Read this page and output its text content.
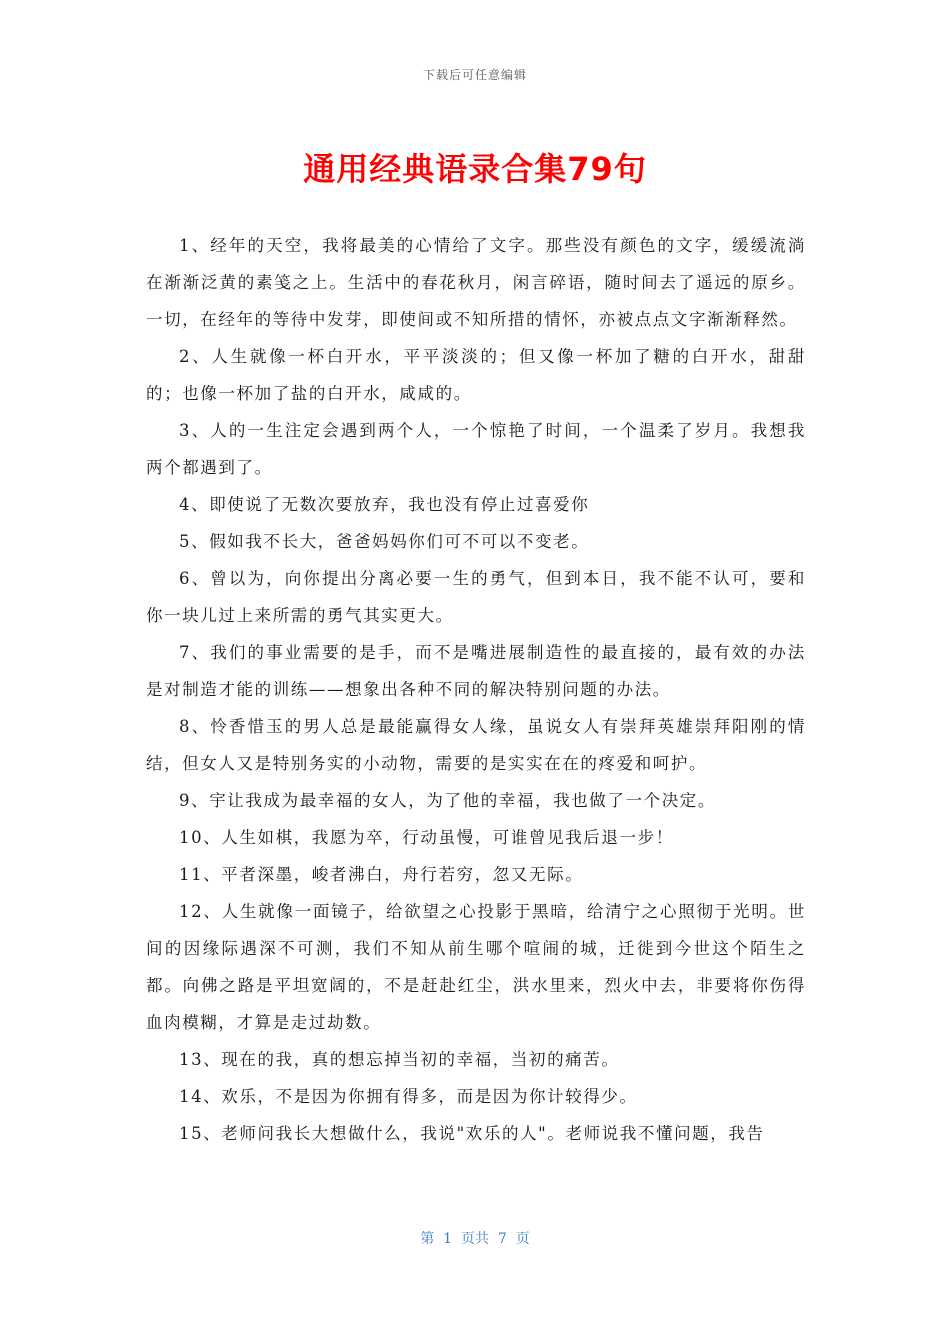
下载后可任意编辑
通用经典语录合集79句

1、经年的天空，我将最美的心情给了文字。那些没有颜色的文字，缓缓流淌在渐渐泛黄的素笺之上。生活中的春花秋月，闲言碎语，随时间去了遥远的原乡。一切，在经年的等待中发芽，即使间或不知所措的情怀，亦被点点文字渐渐释然。

2、人生就像一杯白开水，平平淡淡的；但又像一杯加了糖的白开水，甜甜的；也像一杯加了盐的白开水，咸咸的。

3、人的一生注定会遇到两个人，一个惊艳了时间，一个温柔了岁月。我想我两个都遇到了。

4、即使说了无数次要放弃，我也没有停止过喜爱你

5、假如我不长大，爸爸妈妈你们可不可以不变老。

6、曾以为，向你提出分离必要一生的勇气，但到本日，我不能不认可，要和你一块儿过上来所需的勇气其实更大。

7、我们的事业需要的是手，而不是嘴进展制造性的最直接的，最有效的办法是对制造才能的训练——想象出各种不同的解决特别问题的办法。

8、怜香惜玉的男人总是最能赢得女人缘，虽说女人有崇拜英雄崇拜阳刚的情结，但女人又是特别务实的小动物，需要的是实实在在的疼爱和呵护。

9、宇让我成为最幸福的女人，为了他的幸福，我也做了一个决定。

10、人生如棋，我愿为卒，行动虽慢，可谁曾见我后退一步！

11、平者深墨，峻者沸白，舟行若穷，忽又无际。

12、人生就像一面镜子，给欲望之心投影于黑暗，给清宁之心照彻于光明。世间的因缘际遇深不可测，我们不知从前生哪个喧闹的城，迁徙到今世这个陌生之都。向佛之路是平坦宽阔的，不是赶赴红尘，洪水里来，烈火中去，非要将你伤得血肉模糊，才算是走过劫数。

13、现在的我，真的想忘掉当初的幸福，当初的痛苦。

14、欢乐，不是因为你拥有得多，而是因为你计较得少。

15、老师问我长大想做什么，我说"欢乐的人"。老师说我不懂问题，我告

第  1  页共  7  页
